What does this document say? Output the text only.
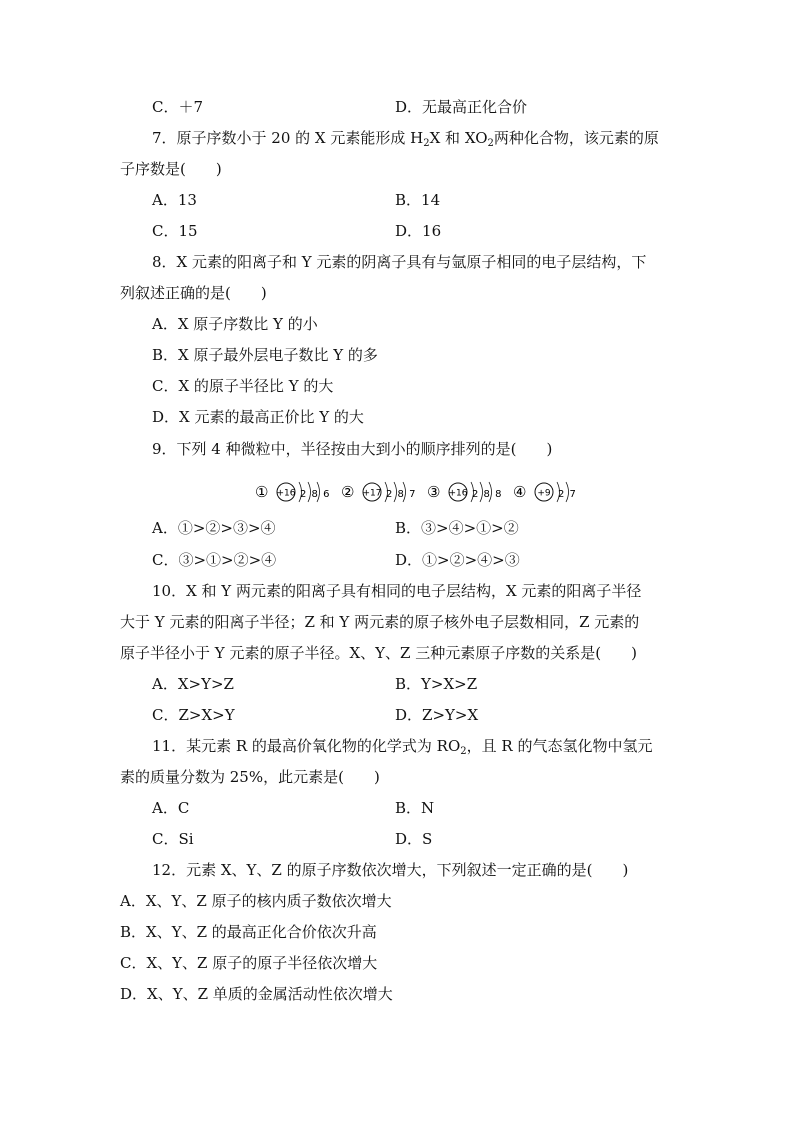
C．＋7	D．无最高正化合价
7．原子序数小于 20 的 X 元素能形成 $H_2X$ 和 $XO_2$两种化合物，该元素的原
子序数是(　　)
A．13	B．14
C．15	D．16
8．X 元素的阳离子和 Y 元素的阴离子具有与氩原子相同的电子层结构，下
列叙述正确的是(　　)
A．X 原子序数比 Y 的小
B．X 原子最外层电子数比 Y 的多
C．X 的原子半径比 Y 的大
D．X 元素的最高正价比 Y 的大
9．下列 4 种微粒中，半径按由大到小的顺序排列的是(　　)
① +16 2 8 6 ② +17 2 8 7 ③ +16 2 8 8 ④ +9 2 7
A．①>②>③>④	B．③>④>①>②
C．③>①>②>④	D．①>②>④>③
10．X 和 Y 两元素的阳离子具有相同的电子层结构，X 元素的阳离子半径
大于 Y 元素的阳离子半径；Z 和 Y 两元素的原子核外电子层数相同，Z 元素的
原子半径小于 Y 元素的原子半径。X、Y、Z 三种元素原子序数的关系是(　　)
A．X>Y>Z	B．Y>X>Z
C．Z>X>Y	D．Z>Y>X
11．某元素 R 的最高价氧化物的化学式为 $RO_2$，且 R 的气态氢化物中氢元
素的质量分数为 25%，此元素是(　　)
A．C	B．N
C．Si	D．S
12．元素 X、Y、Z 的原子序数依次增大，下列叙述一定正确的是(　　)
A．X、Y、Z 原子的核内质子数依次增大
B．X、Y、Z 的最高正化合价依次升高
C．X、Y、Z 原子的原子半径依次增大
D．X、Y、Z 单质的金属活动性依次增大
